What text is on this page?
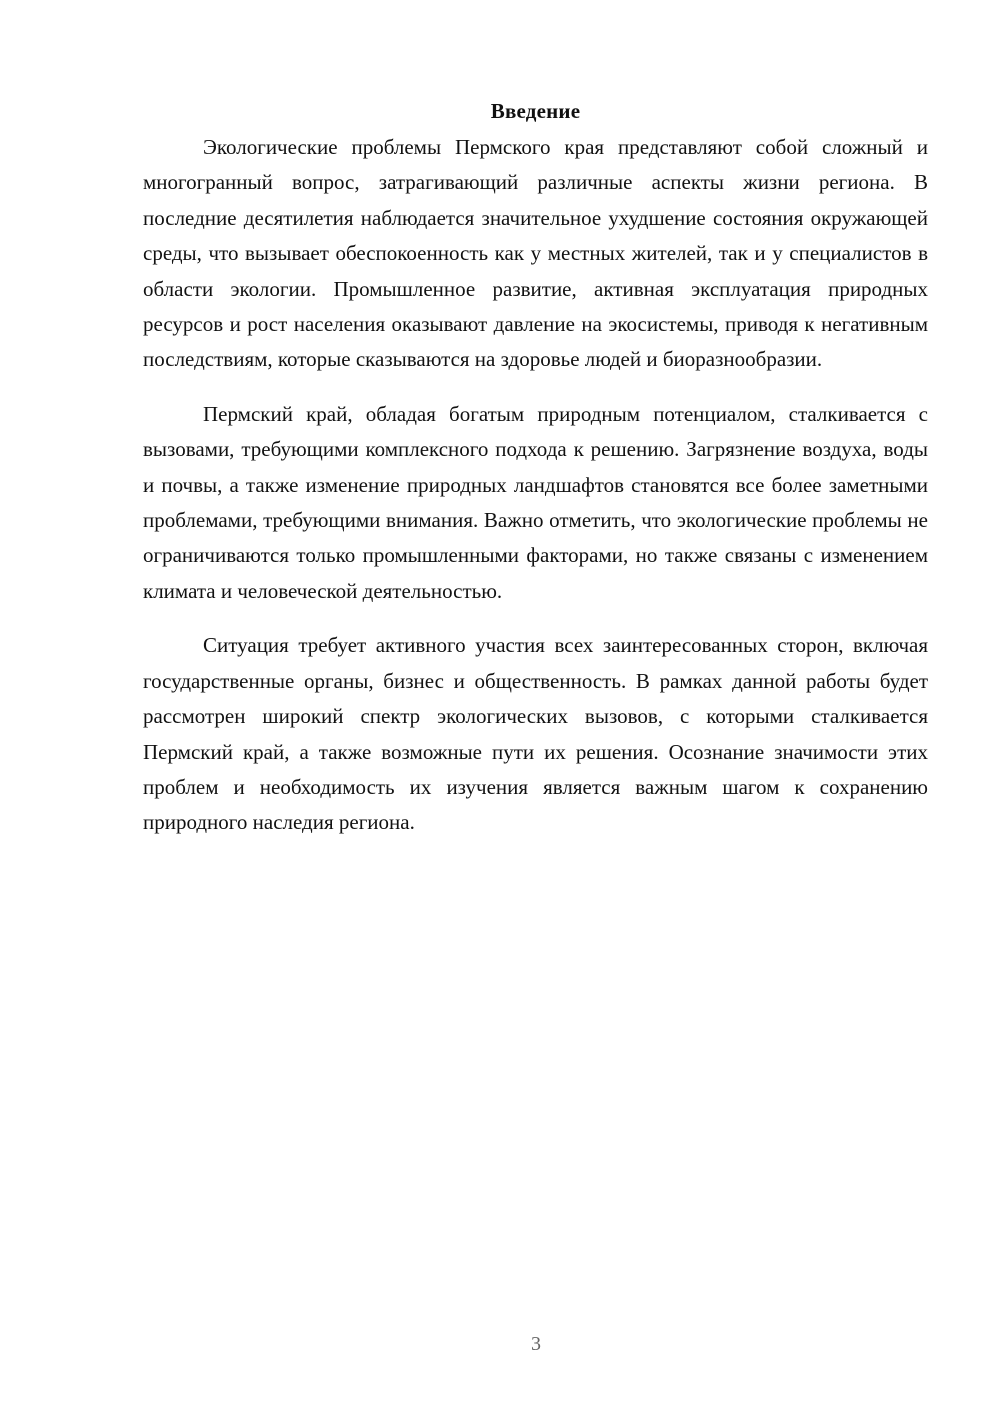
Введение

Экологические проблемы Пермского края представляют собой сложный и многогранный вопрос, затрагивающий различные аспекты жизни региона. В последние десятилетия наблюдается значительное ухудшение состояния окружающей среды, что вызывает обеспокоенность как у местных жителей, так и у специалистов в области экологии. Промышленное развитие, активная эксплуатация природных ресурсов и рост населения оказывают давление на экосистемы, приводя к негативным последствиям, которые сказываются на здоровье людей и биоразнообразии.

Пермский край, обладая богатым природным потенциалом, сталкивается с вызовами, требующими комплексного подхода к решению. Загрязнение воздуха, воды и почвы, а также изменение природных ландшафтов становятся все более заметными проблемами, требующими внимания. Важно отметить, что экологические проблемы не ограничиваются только промышленными факторами, но также связаны с изменением климата и человеческой деятельностью.

Ситуация требует активного участия всех заинтересованных сторон, включая государственные органы, бизнес и общественность. В рамках данной работы будет рассмотрен широкий спектр экологических вызовов, с которыми сталкивается Пермский край, а также возможные пути их решения. Осознание значимости этих проблем и необходимость их изучения является важным шагом к сохранению природного наследия региона.

3
